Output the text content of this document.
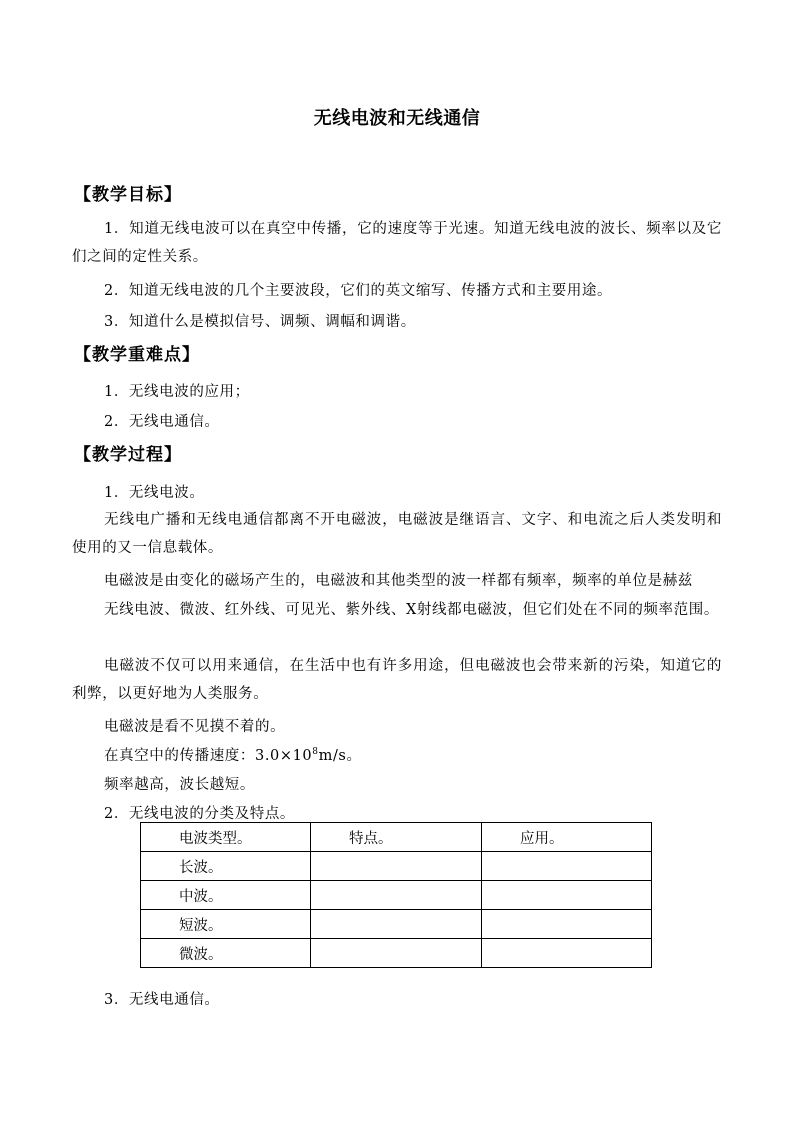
无线电波和无线通信
【教学目标】
1．知道无线电波可以在真空中传播，它的速度等于光速。知道无线电波的波长、频率以及它们之间的定性关系。
2．知道无线电波的几个主要波段，它们的英文缩写、传播方式和主要用途。
3．知道什么是模拟信号、调频、调幅和调谐。
【教学重难点】
1．无线电波的应用；
2．无线电通信。
【教学过程】
1．无线电波。
无线电广播和无线电通信都离不开电磁波，电磁波是继语言、文字、和电流之后人类发明和使用的又一信息载体。
电磁波是由变化的磁场产生的，电磁波和其他类型的波一样都有频率，频率的单位是赫兹
无线电波、微波、红外线、可见光、紫外线、X射线都电磁波，但它们处在不同的频率范围。
电磁波不仅可以用来通信，在生活中也有许多用途，但电磁波也会带来新的污染，知道它的利弊，以更好地为人类服务。
电磁波是看不见摸不着的。
在真空中的传播速度：$3.0\times 10^8m/s$。
频率越高，波长越短。
2．无线电波的分类及特点。
电波类型。	特点。	应用。
长波。		
中波。		
短波。		
微波。		
3．无线电通信。
